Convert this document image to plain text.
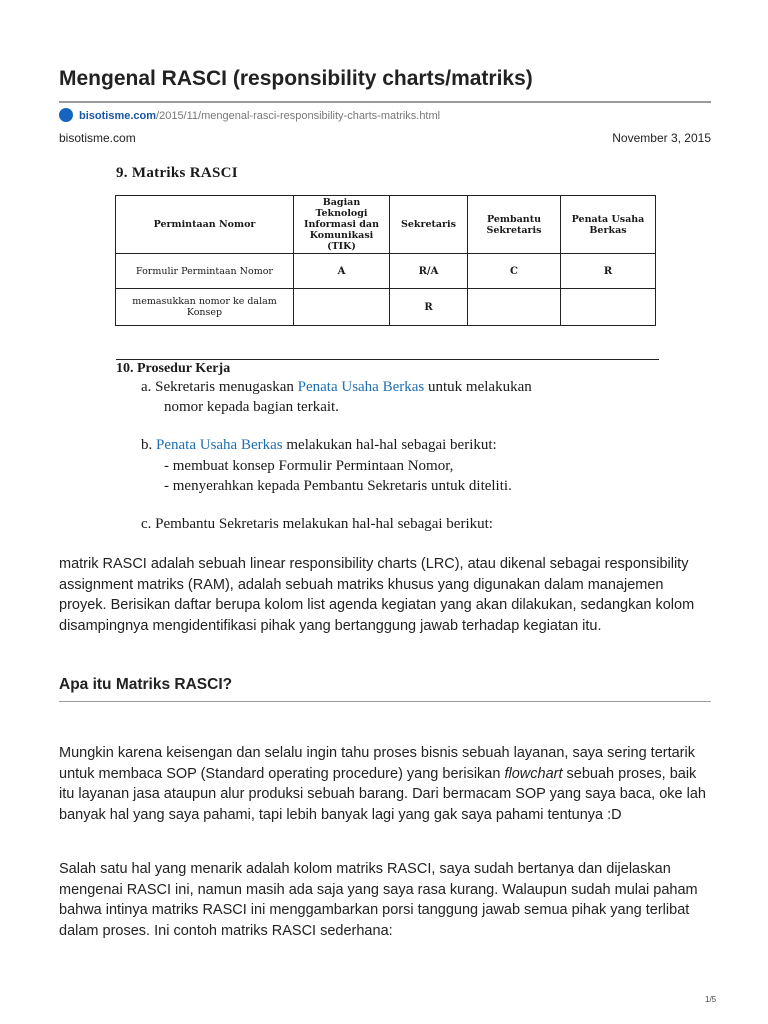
Mengenal RASCI (responsibility charts/matriks)
bisotisme.com/2015/11/mengenal-rasci-responsibility-charts-matriks.html
bisotisme.com	November 3, 2015
9. Matriks RASCI
Permintaan Nomor	Bagian Teknologi Informasi dan Komunikasi (TIK)	Sekretaris	Pembantu Sekretaris	Penata Usaha Berkas
Formulir Permintaan Nomor	A	R/A	C	R
memasukkan nomor ke dalam Konsep		R		
10. Prosedur Kerja
a. Sekretaris menugaskan Penata Usaha Berkas untuk melakukan
nomor kepada bagian terkait.
b. Penata Usaha Berkas melakukan hal-hal sebagai berikut:
- membuat konsep Formulir Permintaan Nomor,
- menyerahkan kepada Pembantu Sekretaris untuk diteliti.
c. Pembantu Sekretaris melakukan hal-hal sebagai berikut:

matrik RASCI adalah sebuah linear responsibility charts (LRC), atau dikenal sebagai responsibility assignment matriks (RAM), adalah sebuah matriks khusus yang digunakan dalam manajemen proyek. Berisikan daftar berupa kolom list agenda kegiatan yang akan dilakukan, sedangkan kolom disampingnya mengidentifikasi pihak yang bertanggung jawab terhadap kegiatan itu.

Apa itu Matriks RASCI?

Mungkin karena keisengan dan selalu ingin tahu proses bisnis sebuah layanan, saya sering tertarik untuk membaca SOP (Standard operating procedure) yang berisikan flowchart sebuah proses, baik itu layanan jasa ataupun alur produksi sebuah barang. Dari bermacam SOP yang saya baca, oke lah banyak hal yang saya pahami, tapi lebih banyak lagi yang gak saya pahami tentunya :D

Salah satu hal yang menarik adalah kolom matriks RASCI, saya sudah bertanya dan dijelaskan mengenai RASCI ini, namun masih ada saja yang saya rasa kurang. Walaupun sudah mulai paham bahwa intinya matriks RASCI ini menggambarkan porsi tanggung jawab semua pihak yang terlibat dalam proses. Ini contoh matriks RASCI sederhana:

1/5
